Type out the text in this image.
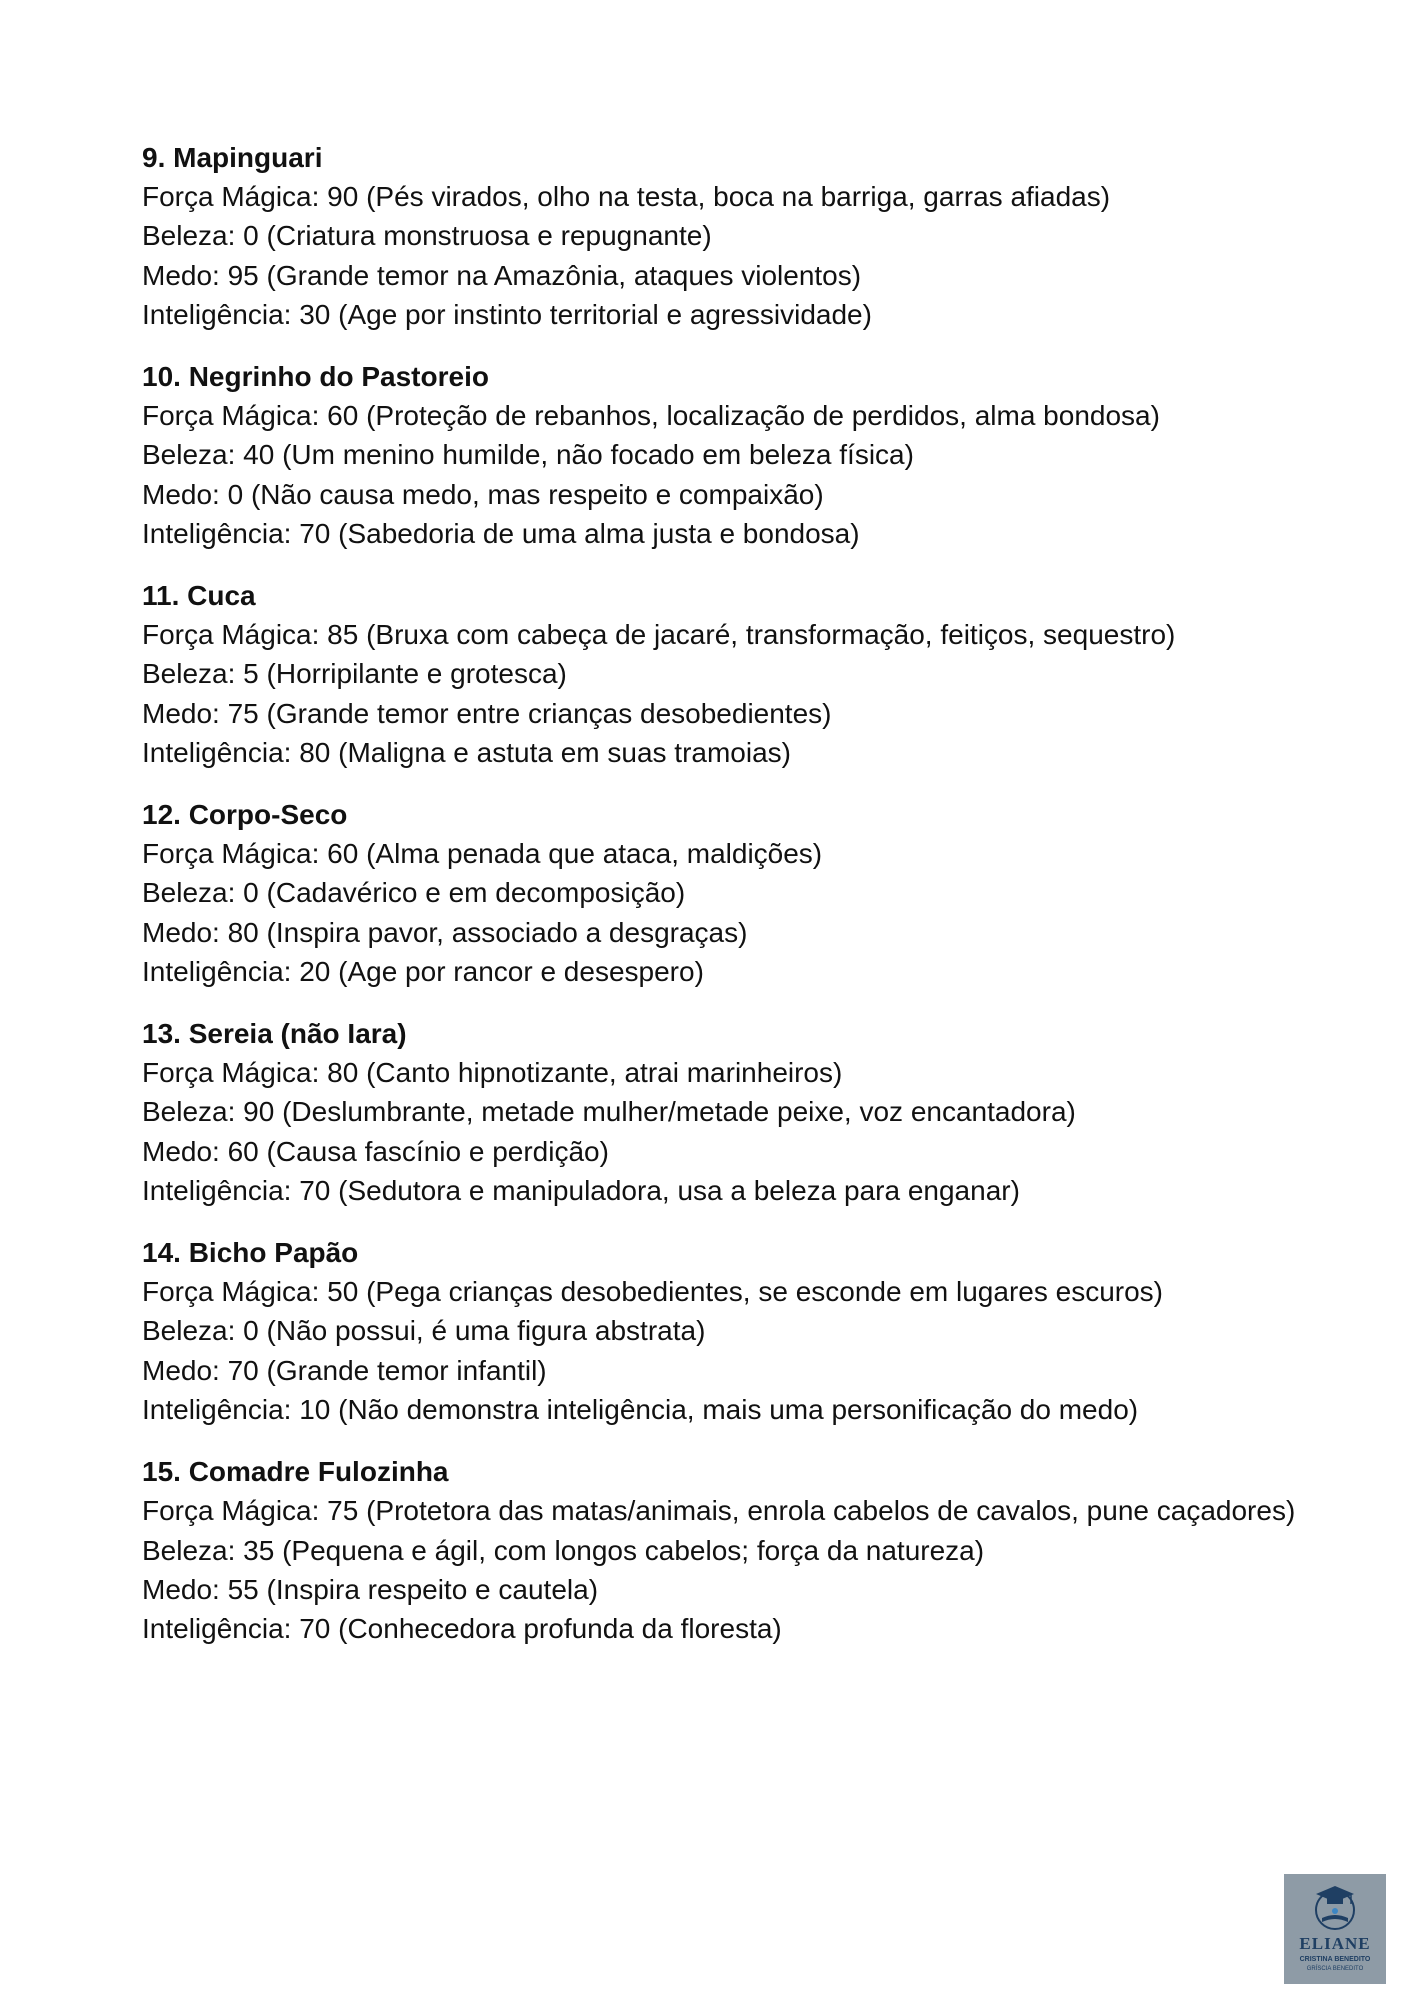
9. Mapinguari

Força Mágica: 90 (Pés virados, olho na testa, boca na barriga, garras afiadas)

Beleza: 0 (Criatura monstruosa e repugnante)

Medo: 95 (Grande temor na Amazônia, ataques violentos)

Inteligência: 30 (Age por instinto territorial e agressividade)

10. Negrinho do Pastoreio

Força Mágica: 60 (Proteção de rebanhos, localização de perdidos, alma bondosa)

Beleza: 40 (Um menino humilde, não focado em beleza física)

Medo: 0 (Não causa medo, mas respeito e compaixão)

Inteligência: 70 (Sabedoria de uma alma justa e bondosa)

11. Cuca

Força Mágica: 85 (Bruxa com cabeça de jacaré, transformação, feitiços, sequestro)

Beleza: 5 (Horripilante e grotesca)

Medo: 75 (Grande temor entre crianças desobedientes)

Inteligência: 80 (Maligna e astuta em suas tramoias)

12. Corpo-Seco

Força Mágica: 60 (Alma penada que ataca, maldições)

Beleza: 0 (Cadavérico e em decomposição)

Medo: 80 (Inspira pavor, associado a desgraças)

Inteligência: 20 (Age por rancor e desespero)

13. Sereia (não Iara)

Força Mágica: 80 (Canto hipnotizante, atrai marinheiros)

Beleza: 90 (Deslumbrante, metade mulher/metade peixe, voz encantadora)

Medo: 60 (Causa fascínio e perdição)

Inteligência: 70 (Sedutora e manipuladora, usa a beleza para enganar)

14. Bicho Papão

Força Mágica: 50 (Pega crianças desobedientes, se esconde em lugares escuros)

Beleza: 0 (Não possui, é uma figura abstrata)

Medo: 70 (Grande temor infantil)

Inteligência: 10 (Não demonstra inteligência, mais uma personificação do medo)

15. Comadre Fulozinha

Força Mágica: 75 (Protetora das matas/animais, enrola cabelos de cavalos, pune caçadores)

Beleza: 35 (Pequena e ágil, com longos cabelos; força da natureza)

Medo: 55 (Inspira respeito e cautela)

Inteligência: 70 (Conhecedora profunda da floresta)

ELIANE
CRISTINA BENEDITO
GRÍSCIA BENEDITO
